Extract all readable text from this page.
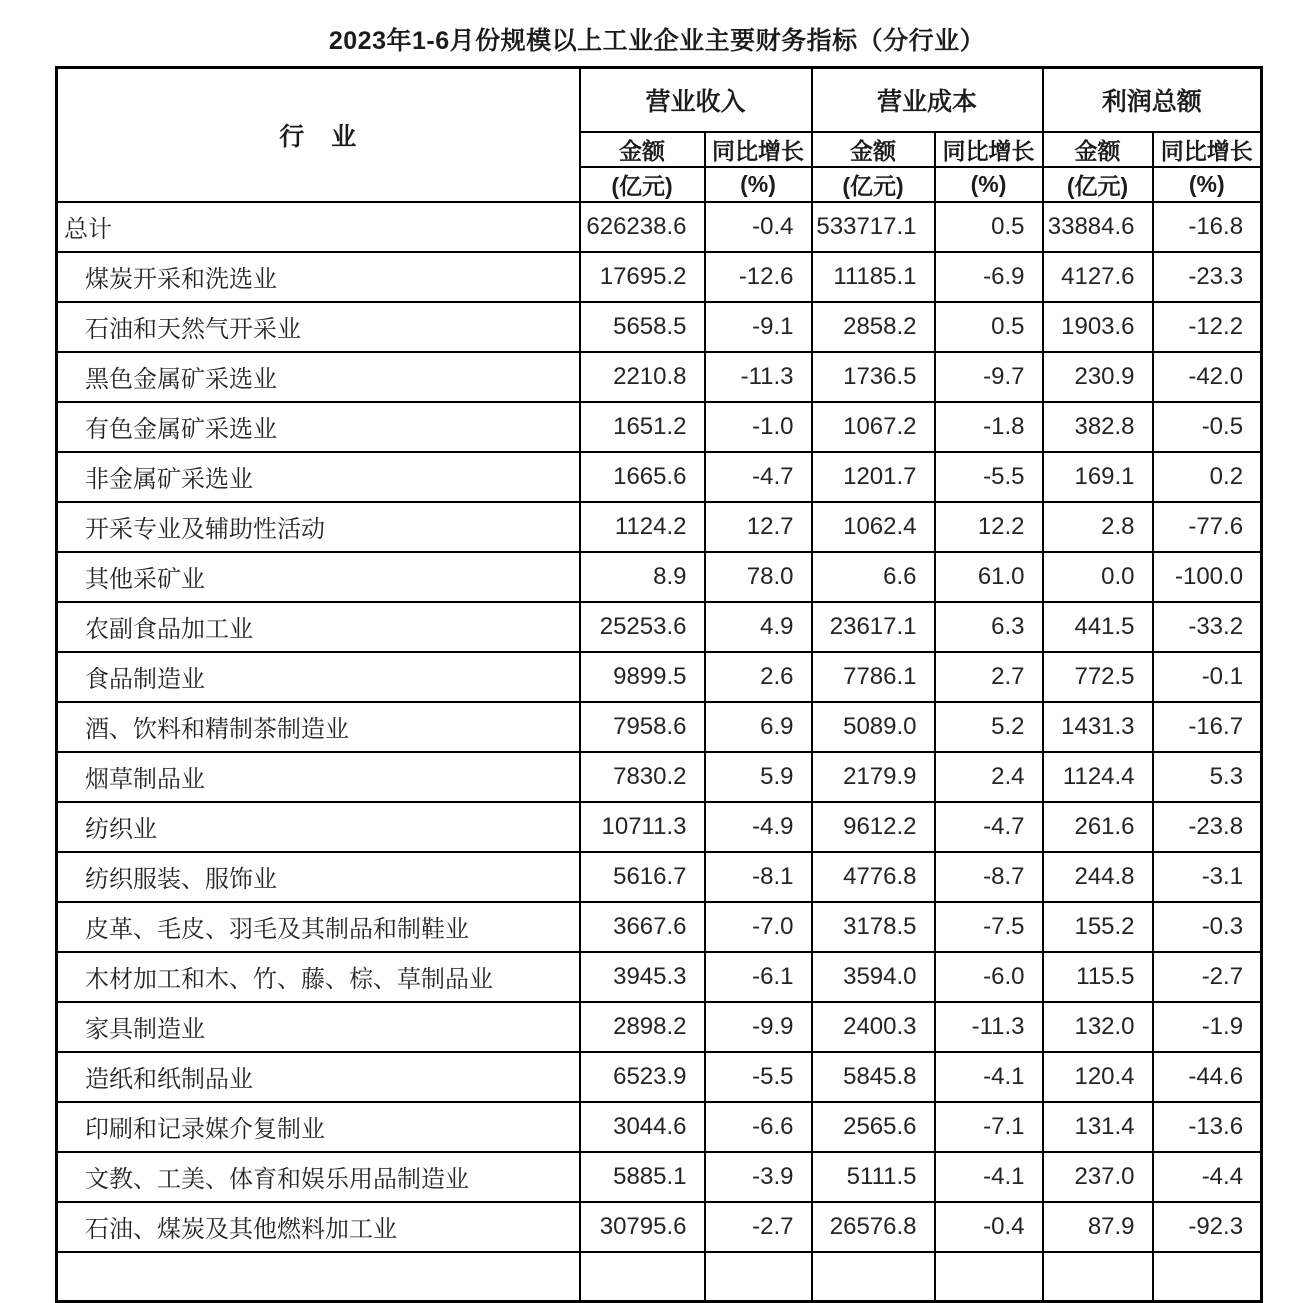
2023年1-6月份规模以上工业企业主要财务指标（分行业）
行　业	营业收入		营业成本		利润总额	
	金额	同比增长	金额	同比增长	金额	同比增长
	(亿元)	(%)	(亿元)	(%)	(亿元)	(%)
总计	626238.6	-0.4	533717.1	0.5	33884.6	-16.8
煤炭开采和洗选业	17695.2	-12.6	11185.1	-6.9	4127.6	-23.3
石油和天然气开采业	5658.5	-9.1	2858.2	0.5	1903.6	-12.2
黑色金属矿采选业	2210.8	-11.3	1736.5	-9.7	230.9	-42.0
有色金属矿采选业	1651.2	-1.0	1067.2	-1.8	382.8	-0.5
非金属矿采选业	1665.6	-4.7	1201.7	-5.5	169.1	0.2
开采专业及辅助性活动	1124.2	12.7	1062.4	12.2	2.8	-77.6
其他采矿业	8.9	78.0	6.6	61.0	0.0	-100.0
农副食品加工业	25253.6	4.9	23617.1	6.3	441.5	-33.2
食品制造业	9899.5	2.6	7786.1	2.7	772.5	-0.1
酒、饮料和精制茶制造业	7958.6	6.9	5089.0	5.2	1431.3	-16.7
烟草制品业	7830.2	5.9	2179.9	2.4	1124.4	5.3
纺织业	10711.3	-4.9	9612.2	-4.7	261.6	-23.8
纺织服装、服饰业	5616.7	-8.1	4776.8	-8.7	244.8	-3.1
皮革、毛皮、羽毛及其制品和制鞋业	3667.6	-7.0	3178.5	-7.5	155.2	-0.3
木材加工和木、竹、藤、棕、草制品业	3945.3	-6.1	3594.0	-6.0	115.5	-2.7
家具制造业	2898.2	-9.9	2400.3	-11.3	132.0	-1.9
造纸和纸制品业	6523.9	-5.5	5845.8	-4.1	120.4	-44.6
印刷和记录媒介复制业	3044.6	-6.6	2565.6	-7.1	131.4	-13.6
文教、工美、体育和娱乐用品制造业	5885.1	-3.9	5111.5	-4.1	237.0	-4.4
石油、煤炭及其他燃料加工业	30795.6	-2.7	26576.8	-0.4	87.9	-92.3
